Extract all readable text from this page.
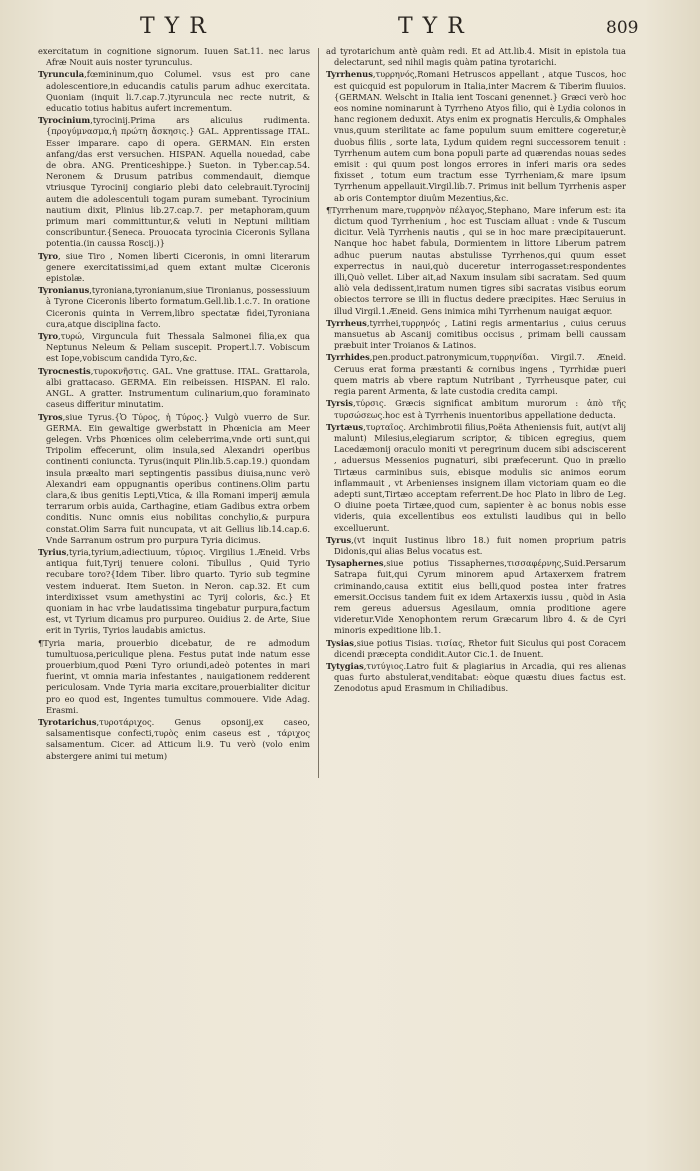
TYR	TYR	809
exercitatum in cognitione signorum. Iuuen Sat.11. nec larus Afræ Nouit auis noster tyrunculus.
Tyruncula,fœmininum,quo Columel. vsus est pro cane adolescentiore,in educandis catulis parum adhuc exercitata. Quoniam (inquit li.7.cap.7.)tyruncula nec recte nutrit, & educatio totius habitus aufert incrementum.
Tyrocinium,tyrocinij.Prima ars alicuius rudimenta. {προγύμνασμα,ἡ πρώτη ἄσκησις.} GAL. Apprentissage ITAL. Esser imparare. capo di opera. GERMAN. Ein ersten anfang/das erst versuchen. HISPAN. Aquella nouedad, cabe de obra. ANG. Prenticeshippe.} Sueton. in Tyber.cap.54. Neronem & Drusum patribus commendauit, diemque vtriusque Tyrocinij congiario plebi dato celebrauit.Tyrocinij autem die adolescentuli togam puram sumebant. Tyrocinium nautium dixit, Plinius lib.27.cap.7. per metaphoram,quum primum mari committuntur,& veluti in Neptuni militiam conscribuntur.{Seneca. Prouocata tyrocinia Ciceronis Syllana potentia.(in caussa Roscij.)}
Tyro, siue Tiro , Nomen liberti Ciceronis, in omni literarum genere exercitatissimi,ad quem extant multæ Ciceronis epistolæ.
Tyronianus,tyroniana,tyronianum,siue Tironianus, possessiuum à Tyrone Ciceronis liberto formatum.Gell.lib.1.c.7. In oratione Ciceronis quinta in Verrem,libro spectatæ fidei,Tyroniana cura,atque disciplina facto.
Tyro,τυρώ, Virguncula fuit Thessala Salmonei filia,ex qua Neptunus Neleum & Peliam suscepit. Propert.l.7. Vobiscum est Iope,vobiscum candida Tyro,&c.
Tyrocnestis,τυροκνῆστις. GAL. Vne grattuse. ITAL. Grattarola, albi grattacaso. GERMA. Ein reibeissen. HISPAN. El ralo. ANGL. A gratter. Instrumentum culinarium,quo foraminato caseus differitur minutatim.
Tyros,siue Tyrus.{Ὁ Τύρος, ἡ Τύρος.} Vulgò vuerro de Sur. GERMA. Ein gewaltige gwerbstatt in Phœnicia am Meer gelegen. Vrbs Phœnices olim celeberrima,vnde orti sunt,qui Tripolim effecerunt, olim insula,sed Alexandri operibus continenti coniuncta. Tyrus(inquit Plin.lib.5.cap.19.) quondam insula præalto mari septingentis passibus diuisa,nunc verò Alexandri eam oppugnantis operibus continens.Olim partu clara,& ibus genitis Lepti,Vtica, & illa Romani imperij æmula terrarum orbis auida, Carthagine, etiam Gadibus extra orbem conditis. Nunc omnis eius nobilitas conchylio,& purpura constat.Olim Sarra fuit nuncupata, vt ait Gellius lib.14.cap.6. Vnde Sarranum ostrum pro purpura Tyria dicimus.
Tyrius,tyria,tyrium,adiectiuum, τύριος. Virgilius 1.Æneid. Vrbs antiqua fuit,Tyrij tenuere coloni. Tibullus , Quid Tyrio recubare toro?{Idem Tiber. libro quarto. Tyrio sub tegmine vestem induerat. Item Sueton. in Neron. cap.32. Et cum interdixisset vsum amethystini ac Tyrij coloris, &c.} Et quoniam in hac vrbe laudatissima tingebatur purpura,factum est, vt Tyrium dicamus pro purpureo. Ouidius 2. de Arte, Siue erit in Tyriis, Tyrios laudabis amictus.
¶Tyria maria, prouerbio dicebatur, de re admodum tumultuosa,periculique plena. Festus putat inde natum esse prouerbium,quod Pœni Tyro oriundi,adeò potentes in mari fuerint, vt omnia maria infestantes , nauigationem redderent periculosam. Vnde Tyria maria excitare,prouerbialiter dicitur pro eo quod est, Ingentes tumultus commouere. Vide Adag. Erasmi.
Tyrotarichus,τυροτάριχος. Genus opsonij,ex caseo, salsamentisque confecti,τυρὸς enim caseus est , τάριχος salsamentum. Cicer. ad Atticum li.9. Tu verò (volo enim abstergere animi tui metum)
ad tyrotarichum antè quàm redi. Et ad Att.lib.4. Misit in epistola tua delectarunt, sed nihil magis quàm patina tyrotarichi.
Tyrrhenus,τυρρηνός,Romani Hetruscos appellant , atque Tuscos, hoc est quicquid est populorum in Italia,inter Macrem & Tiberim fluuios.{GERMAN. Welscht in Italia ient Toscani genennet.} Græci verò hoc eos nomine nominarunt à Tyrrheno Atyos filio, qui è Lydia colonos in hanc regionem deduxit. Atys enim ex prognatis Herculis,& Omphales vnus,quum sterilitate ac fame populum suum emittere cogeretur,è duobus filiis , sorte lata, Lydum quidem regni successorem tenuit : Tyrrhenum autem cum bona populi parte ad quærendas nouas sedes emisit : qui quum post longos errores in inferi maris ora sedes fixisset , totum eum tractum esse Tyrrheniam,& mare ipsum Tyrrhenum appellauit.Virgil.lib.7. Primus init bellum Tyrrhenis asper ab oris Contemptor diuûm Mezentius,&c.
¶Tyrrhenum mare,τυρρηνὸν πέλαγος,Stephano, Mare inferum est: ita dictum quod Tyrrhenium , hoc est Tusciam alluat : vnde & Tuscum dicitur. Velà Tyrrhenis nautis , qui se in hoc mare præcipitauerunt. Nanque hoc habet fabula, Dormientem in littore Liberum patrem adhuc puerum nautas abstulisse Tyrrhenos,qui quum esset experrectus in naui,quò duceretur interrogasset:respondentes illi,Quò vellet. Liber ait,ad Naxum insulam sibi sacratam. Sed quum aliò vela dedissent,iratum numen tigres sibi sacratas visibus eorum obiectos terrore se illi in fluctus dedere præcipites. Hæc Seruius in illud Virgil.1.Æneid. Gens inimica mihi Tyrrhenum nauigat æquor.
Tyrrheus,tyrrhei,τυρρηνός , Latini regis armentarius , cuius ceruus mansuetus ab Ascanij comitibus occisus , primam belli caussam præbuit inter Troianos & Latinos.
Tyrrhides,pen.product.patronymicum,τυρρηνίδαι. Virgil.7. Æneid. Ceruus erat forma præstanti & cornibus ingens , Tyrrhidæ pueri quem matris ab vbere raptum Nutribant , Tyrrheusque pater, cui regia parent Armenta, & late custodia credita campi.
Tyrsis,τύρσις. Græcis significat ambitum murorum : ἀπὸ τῆς τυρσώσεως.hoc est à Tyrrhenis inuentoribus appellatione deducta.
Tyrtæus,τυρταῖος. Archimbrotii filius,Poëta Atheniensis fuit, aut(vt alij malunt) Milesius,elegiarum scriptor, & tibicen egregius, quem Lacedæmonij oraculo moniti vt peregrinum ducem sibi adsciscerent , aduersus Messenios pugnaturi, sibi præfecerunt. Quo in prælio Tirtæus carminibus suis, ebisque modulis sic animos eorum inflammauit , vt Arbenienses insignem illam victoriam quam eo die adepti sunt,Tirtæo acceptam referrent.De hoc Plato in libro de Leg. O diuine poeta Tirtæe,quod cum, sapienter è ac bonus nobis esse videris, quia excellentibus eos extulisti laudibus qui in bello excelluerunt.
Tyrus,(vt inquit Iustinus libro 18.) fuit nomen proprium patris Didonis,qui alias Belus vocatus est.
Tysaphernes,siue potius Tissaphernes,τισσαφέρνης,Suid.Persarum Satrapa fuit,qui Cyrum minorem apud Artaxerxem fratrem criminando,causa extitit eius belli,quod postea inter fratres emersit.Occisus tandem fuit ex idem Artaxerxis iussu , quòd in Asia rem gereus aduersus Agesilaum, omnia proditione agere videretur.Vide Xenophontem rerum Græcarum libro 4. & de Cyri minoris expeditione lib.1.
Tysias,siue potius Tisias. τισίας, Rhetor fuit Siculus qui post Coracem dicendi præcepta condidit.Autor Cic.1. de Inuent.
Tytygias,τυτύγιος.Latro fuit & plagiarius in Arcadia, qui res alienas quas furto abstulerat,venditabat: eòque quæstu diues factus est. Zenodotus apud Erasmum in Chiliadibus.
